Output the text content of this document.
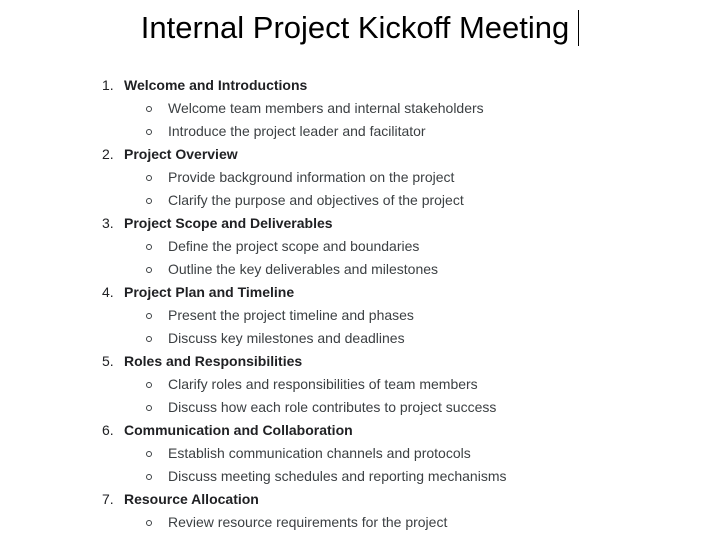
Internal Project Kickoff Meeting
1. Welcome and Introductions
Welcome team members and internal stakeholders
Introduce the project leader and facilitator
2. Project Overview
Provide background information on the project
Clarify the purpose and objectives of the project
3. Project Scope and Deliverables
Define the project scope and boundaries
Outline the key deliverables and milestones
4. Project Plan and Timeline
Present the project timeline and phases
Discuss key milestones and deadlines
5. Roles and Responsibilities
Clarify roles and responsibilities of team members
Discuss how each role contributes to project success
6. Communication and Collaboration
Establish communication channels and protocols
Discuss meeting schedules and reporting mechanisms
7. Resource Allocation
Review resource requirements for the project
